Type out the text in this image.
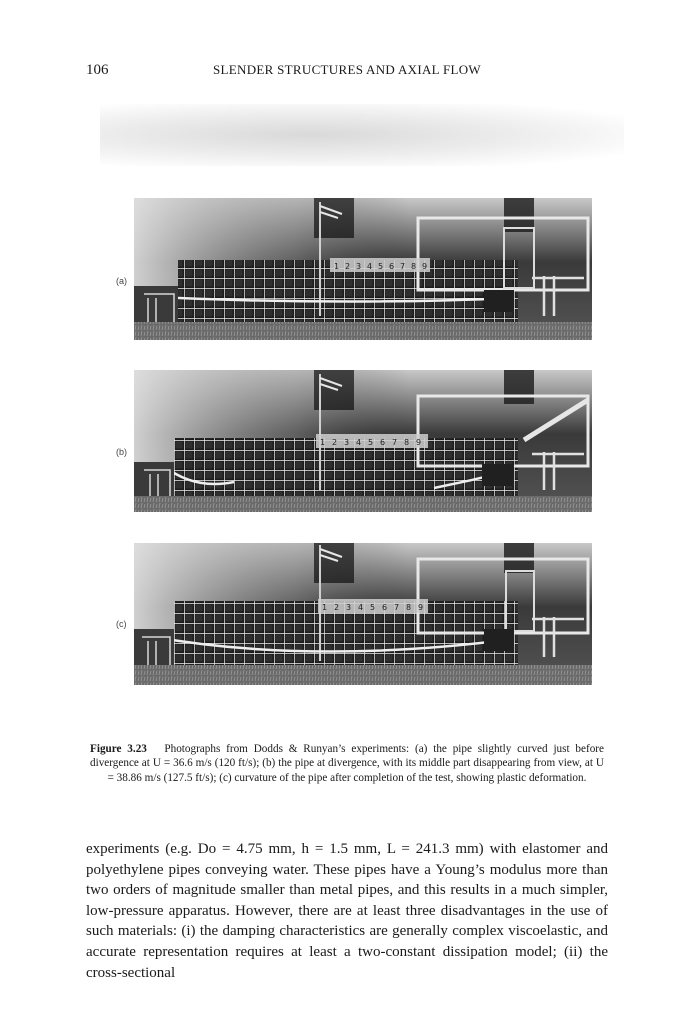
106	SLENDER STRUCTURES AND AXIAL FLOW
1 2 3 4 5 6 7 8 9
1 2 3 4 5 6 7 8 9
1 2 3 4 5 6 7 8 9
(a)
(b)
(c)
Figure 3.23 Photographs from Dodds & Runyan’s experiments: (a) the pipe slightly curved just before divergence at U = 36.6 m/s (120 ft/s); (b) the pipe at divergence, with its middle part disappearing from view, at U = 38.86 m/s (127.5 ft/s); (c) curvature of the pipe after completion of the test, showing plastic deformation.

experiments (e.g. Do = 4.75 mm, h = 1.5 mm, L = 241.3 mm) with elastomer and polyethylene pipes conveying water. These pipes have a Young’s modulus more than two orders of magnitude smaller than metal pipes, and this results in a much simpler, low-pressure apparatus. However, there are at least three disadvantages in the use of such materials: (i) the damping characteristics are generally complex viscoelastic, and accurate representation requires at least a two-constant dissipation model; (ii) the cross-sectional
